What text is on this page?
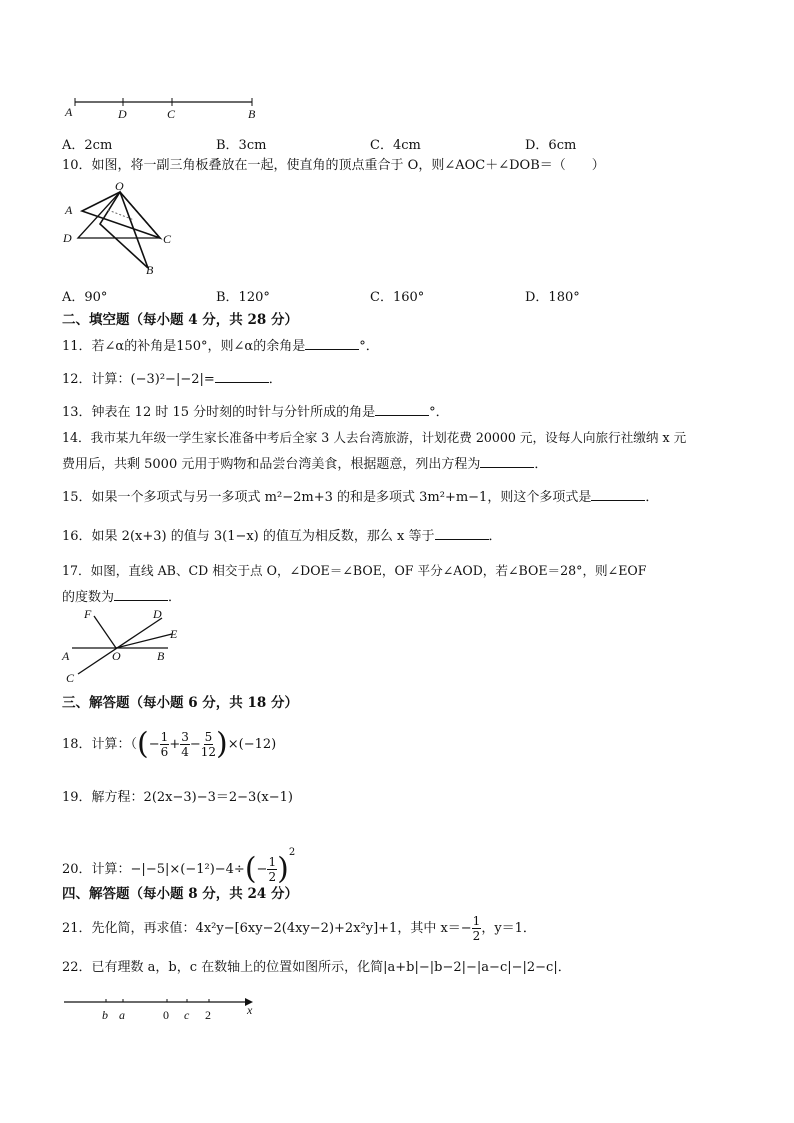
A	D	C	B
A．2cm	B．3cm	C．4cm	D．6cm
10．如图，将一副三角板叠放在一起，使直角的顶点重合于 O，则∠AOC＋∠DOB＝（　　）
O
A
D	C
B
A．90°	B．120°	C．160°	D．180°
二、填空题（每小题 4 分，共 28 分）
11．若∠α的补角是150°，则∠α的余角是	°．
12．计算：(−3)²−|−2|=	．
13．钟表在 12 时 15 分时刻的时针与分针所成的角是	°．
14．我市某九年级一学生家长准备中考后全家 3 人去台湾旅游，计划花费 20000 元，设每人向旅行社缴纳 x 元
费用后，共剩 5000 元用于购物和品尝台湾美食，根据题意，列出方程为	．
15．如果一个多项式与另一多项式 m²−2m+3 的和是多项式 3m²+m−1，则这个多项式是	．
16．如果 2(x+3) 的值与 3(1−x) 的值互为相反数，那么 x 等于	．
17．如图，直线 AB、CD 相交于点 O，∠DOE＝∠BOE，OF 平分∠AOD，若∠BOE＝28°，则∠EOF
的度数为	．
F	D
E
A	O	B
C
三、解答题（每小题 6 分，共 18 分）
18．计算：（(− $\frac{1}{6} + \frac{3}{4} - \frac{5}{12} )\times(-12)$
19．解方程：2(2x−3)−3＝2−3(x−1)
20．计算：$-|-5|\times(-1^2)-4\div(- \frac{1}{2} )^2$
四、解答题（每小题 8 分，共 24 分）
21．先化简，再求值：4x²y−[6xy−2(4xy−2)+2x²y]+1，其中 $x=- \frac{1}{2}$ ，y＝1．
22．已有理数 a，b，c 在数轴上的位置如图所示，化简|a+b|−|b−2|−|a−c|−|2−c|．
b a	0 c 2	x
